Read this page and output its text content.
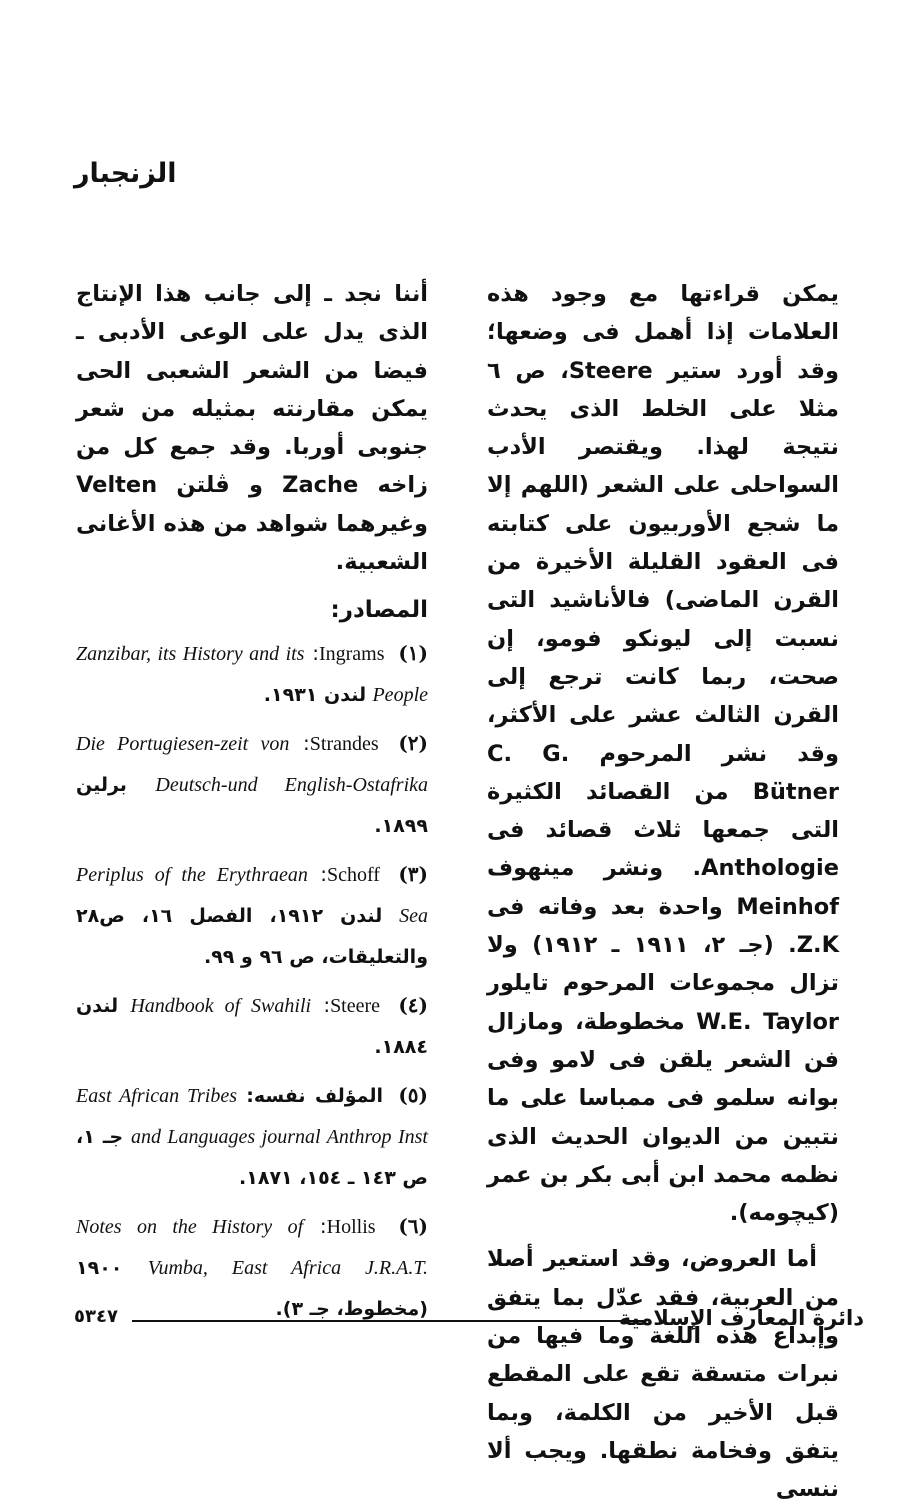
الزنجبار

يمكن قراءتها مع وجود هذه العلامات إذا أهمل فى وضعها؛ وقد أورد ستير Steere، ص ٦ مثلا على الخلط الذى يحدث نتيجة لهذا. ويقتصر الأدب السواحلى على الشعر (اللهم إلا ما شجع الأوربيون على كتابته فى العقود القليلة الأخيرة من القرن الماضى) فالأناشيد التى نسبت إلى ليونكو فومو، إن صحت، ربما كانت ترجع إلى القرن الثالث عشر على الأكثر، وقد نشر المرحوم C. G. Bütner من القصائد الكثيرة التى جمعها ثلاث قصائد فى Anthologie. ونشر مينهوف Meinhof واحدة بعد وفاته فى Z.K. (جـ ٢، ١٩١١ ـ ١٩١٢) ولا تزال مجموعات المرحوم تايلور W.E. Taylor مخطوطة، ومازال فن الشعر يلقن فى لامو وفى بوانه سلمو فى ممباسا على ما نتبين من الديوان الحديث الذى نظمه محمد ابن أبى بكر بن عمر (كيچومه).

أما العروض، وقد استعير أصلا من العربية، فقد عدّل بما يتفق وإبداع هذه اللغة وما فيها من نبرات متسقة تقع على المقطع قبل الأخير من الكلمة، وبما يتفق وفخامة نطقها. ويجب ألا ننسى

أننا نجد ـ إلى جانب هذا الإنتاج الذى يدل على الوعى الأدبى ـ فيضا من الشعر الشعبى الحى يمكن مقارنته بمثيله من شعر جنوبى أوربا. وقد جمع كل من زاخه Zache و ڤلتن Velten وغيرهما شواهد من هذه الأغانى الشعبية.

المصادر:
(١) Ingrams: Zanzibar, its History and its People لندن ١٩٣١.
(٢) Strandes: Die Portugiesen-zeit von Deutsch-und English-Ostafrika برلين ١٨٩٩.
(٣) Schoff: Periplus of the Erythraean Sea لندن ١٩١٢، الفصل ١٦، ص٢٨ والتعليقات، ص ٩٦ و ٩٩.
(٤) Steere: Handbook of Swahili لندن ١٨٨٤.
(٥) المؤلف نفسه: East African Tribes and Languages journal Anthrop Inst جـ ١، ص ١٤٣ ـ ١٥٤، ١٨٧١.
(٦) Hollis: Notes on the History of Vumba, East Africa J.R.A.T. ١٩٠٠ (مخطوط، جـ ٣).
٥٣٤٧	دائرة المعارف الإسلامية
